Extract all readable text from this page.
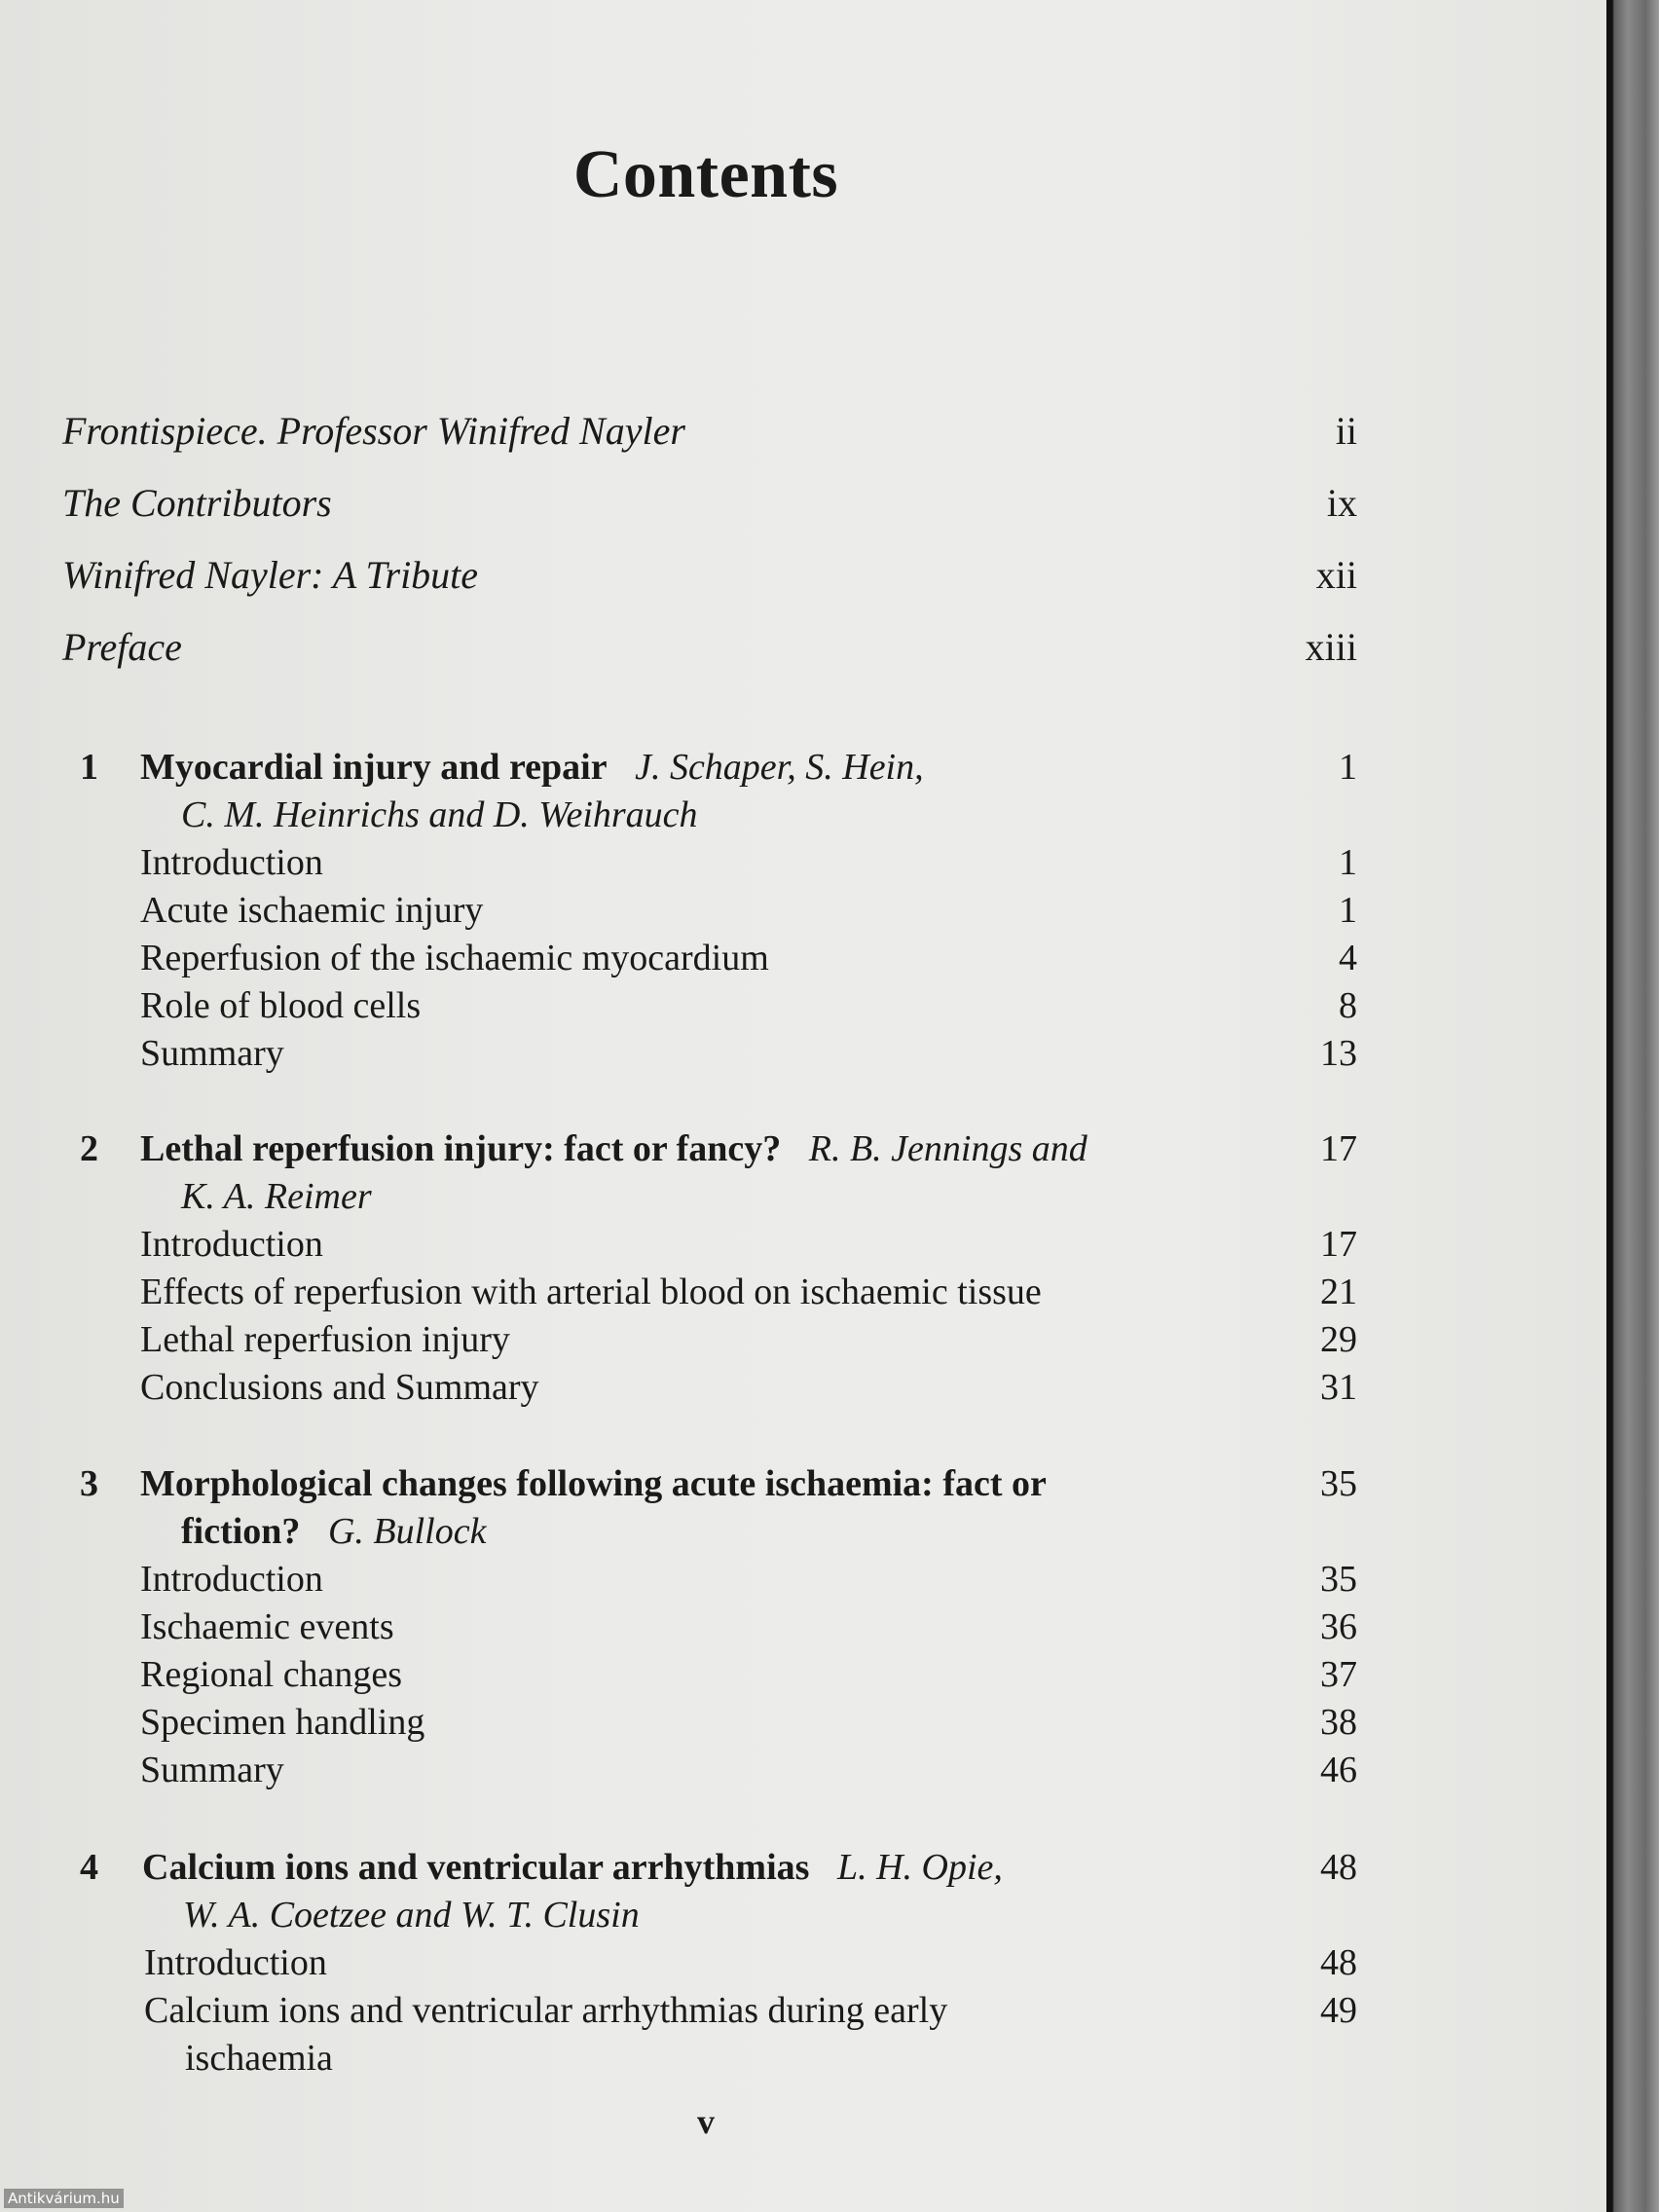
Contents
Frontispiece. Professor Winifred Nayler	ii
The Contributors	ix
Winifred Nayler: A Tribute	xii
Preface	xiii
1 Myocardial injury and repair J. Schaper, S. Hein,	1
C. M. Heinrichs and D. Weihrauch
Introduction	1
Acute ischaemic injury	1
Reperfusion of the ischaemic myocardium	4
Role of blood cells	8
Summary	13
2 Lethal reperfusion injury: fact or fancy? R. B. Jennings and	17
K. A. Reimer
Introduction	17
Effects of reperfusion with arterial blood on ischaemic tissue	21
Lethal reperfusion injury	29
Conclusions and Summary	31
3 Morphological changes following acute ischaemia: fact or	35
fiction? G. Bullock
Introduction	35
Ischaemic events	36
Regional changes	37
Specimen handling	38
Summary	46
4 Calcium ions and ventricular arrhythmias L. H. Opie,	48
W. A. Coetzee and W. T. Clusin
Introduction	48
Calcium ions and ventricular arrhythmias during early	49
ischaemia
v
Antikvárium.hu
